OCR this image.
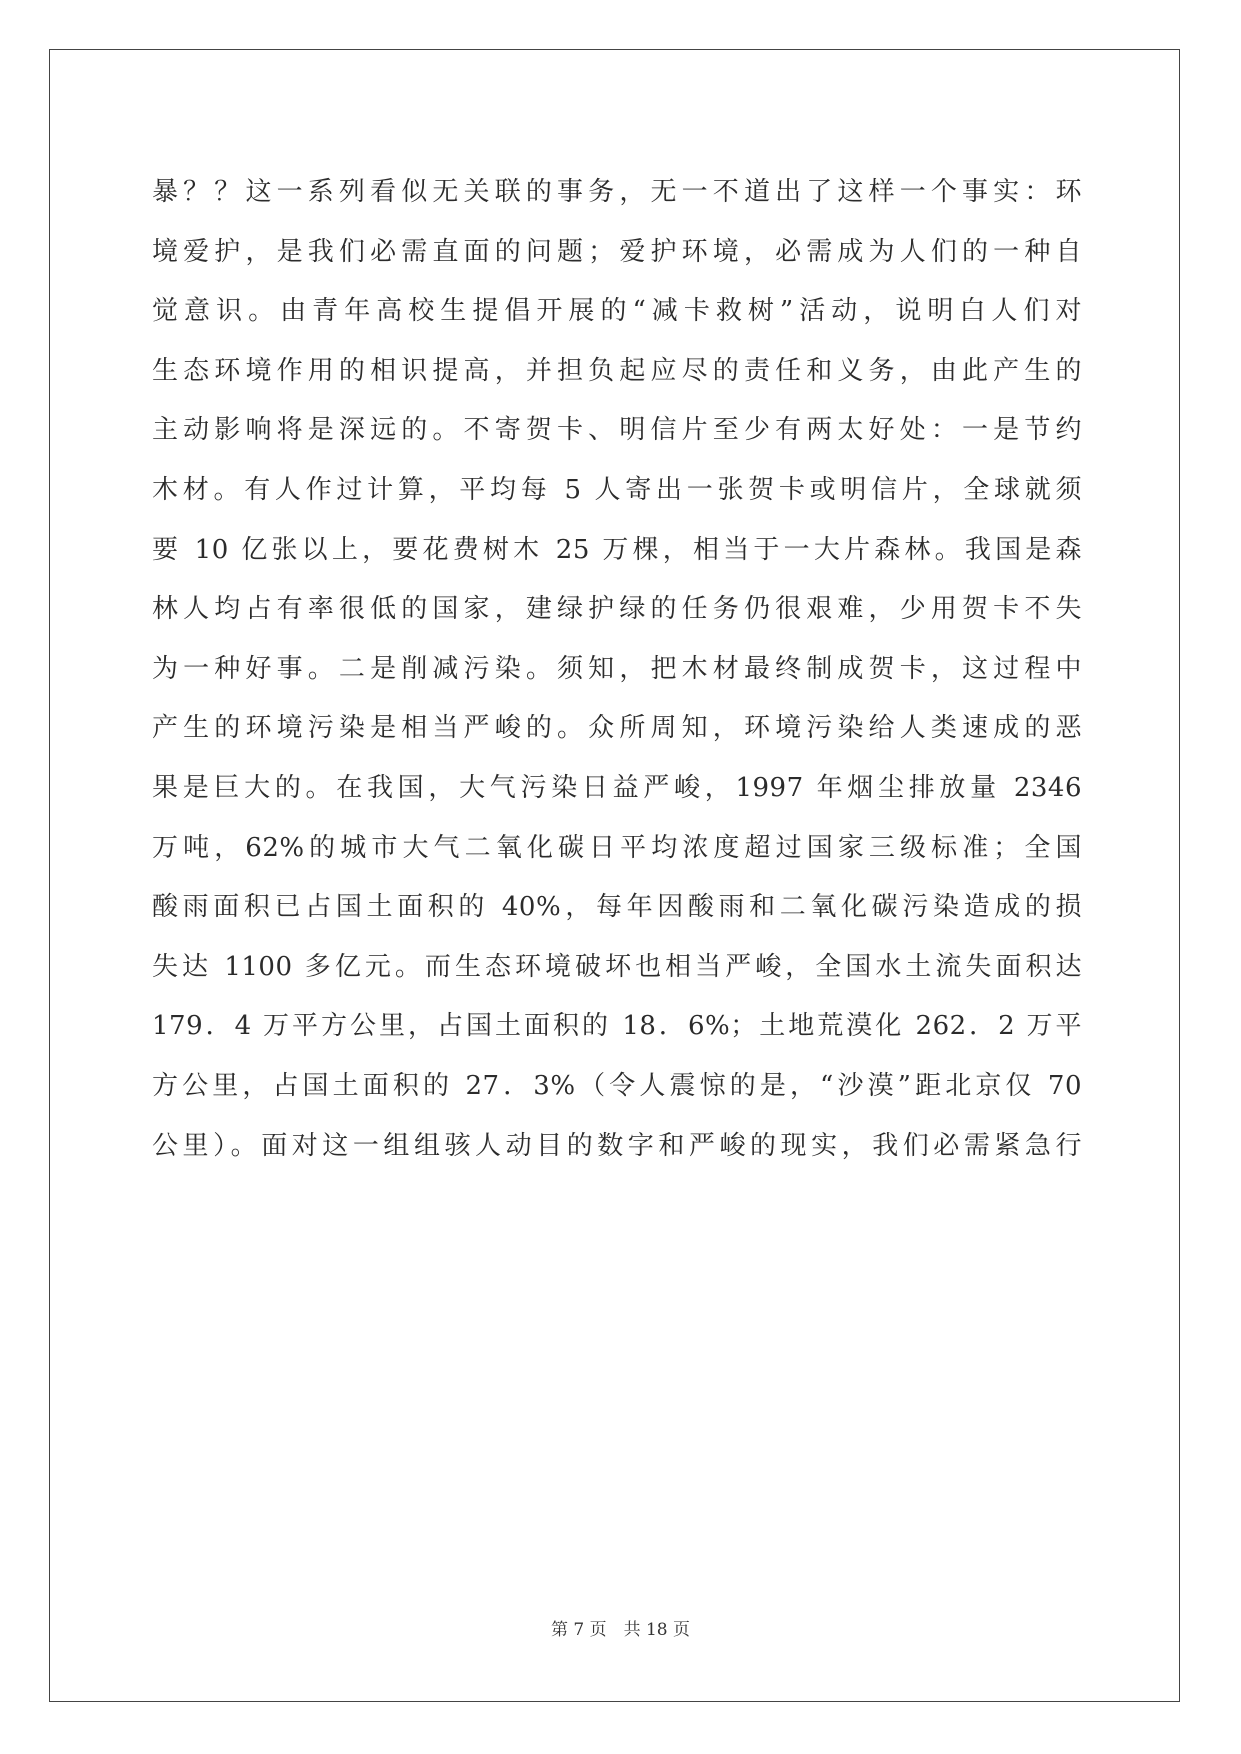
暴？？这一系列看似无关联的事务，无一不道出了这样一个事实：环
境爱护，是我们必需直面的问题；爱护环境，必需成为人们的一种自
觉意识。由青年高校生提倡开展的“减卡救树”活动，说明白人们对
生态环境作用的相识提高，并担负起应尽的责任和义务，由此产生的
主动影响将是深远的。不寄贺卡、明信片至少有两太好处：一是节约
木材。有人作过计算，平均每 5 人寄出一张贺卡或明信片，全球就须
要 10 亿张以上，要花费树木 25 万棵，相当于一大片森林。我国是森
林人均占有率很低的国家，建绿护绿的任务仍很艰难，少用贺卡不失
为一种好事。二是削减污染。须知，把木材最终制成贺卡，这过程中
产生的环境污染是相当严峻的。众所周知，环境污染给人类速成的恶
果是巨大的。在我国，大气污染日益严峻，1997 年烟尘排放量 2346
万吨，62%的城市大气二氧化碳日平均浓度超过国家三级标准；全国
酸雨面积已占国土面积的 40%，每年因酸雨和二氧化碳污染造成的损
失达 1100 多亿元。而生态环境破坏也相当严峻，全国水土流失面积达
179．4 万平方公里，占国土面积的 18．6%；土地荒漠化 262．2 万平
方公里，占国土面积的 27．3%（令人震惊的是，“沙漠”距北京仅 70
公里）。面对这一组组骇人动目的数字和严峻的现实，我们必需紧急行
第 7 页　共 18 页
